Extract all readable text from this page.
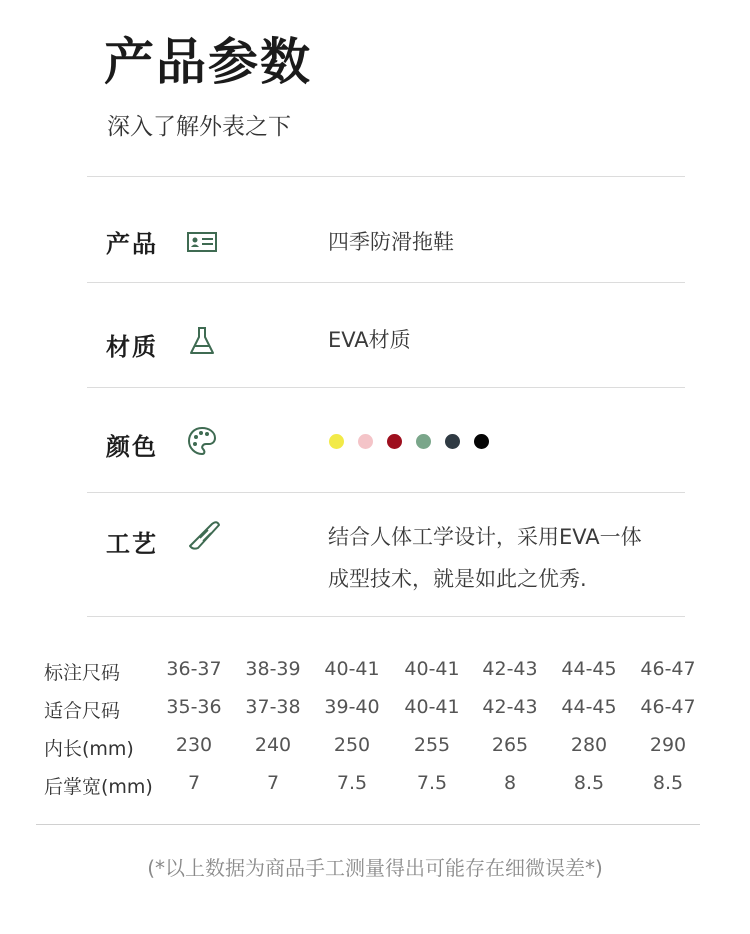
产品参数
深入了解外表之下
产品	四季防滑拖鞋
材质	EVA材质
颜色
工艺	结合人体工学设计，采用EVA一体
成型技术，就是如此之优秀.
标注尺码	36-37	38-39	40-41	40-41	42-43	44-45	46-47
适合尺码	35-36	37-38	39-40	40-41	42-43	44-45	46-47
内长(mm)	230	240	250	255	265	280	290
后掌宽(mm)	7	7	7.5	7.5	8	8.5	8.5
(*以上数据为商品手工测量得出可能存在细微误差*)
